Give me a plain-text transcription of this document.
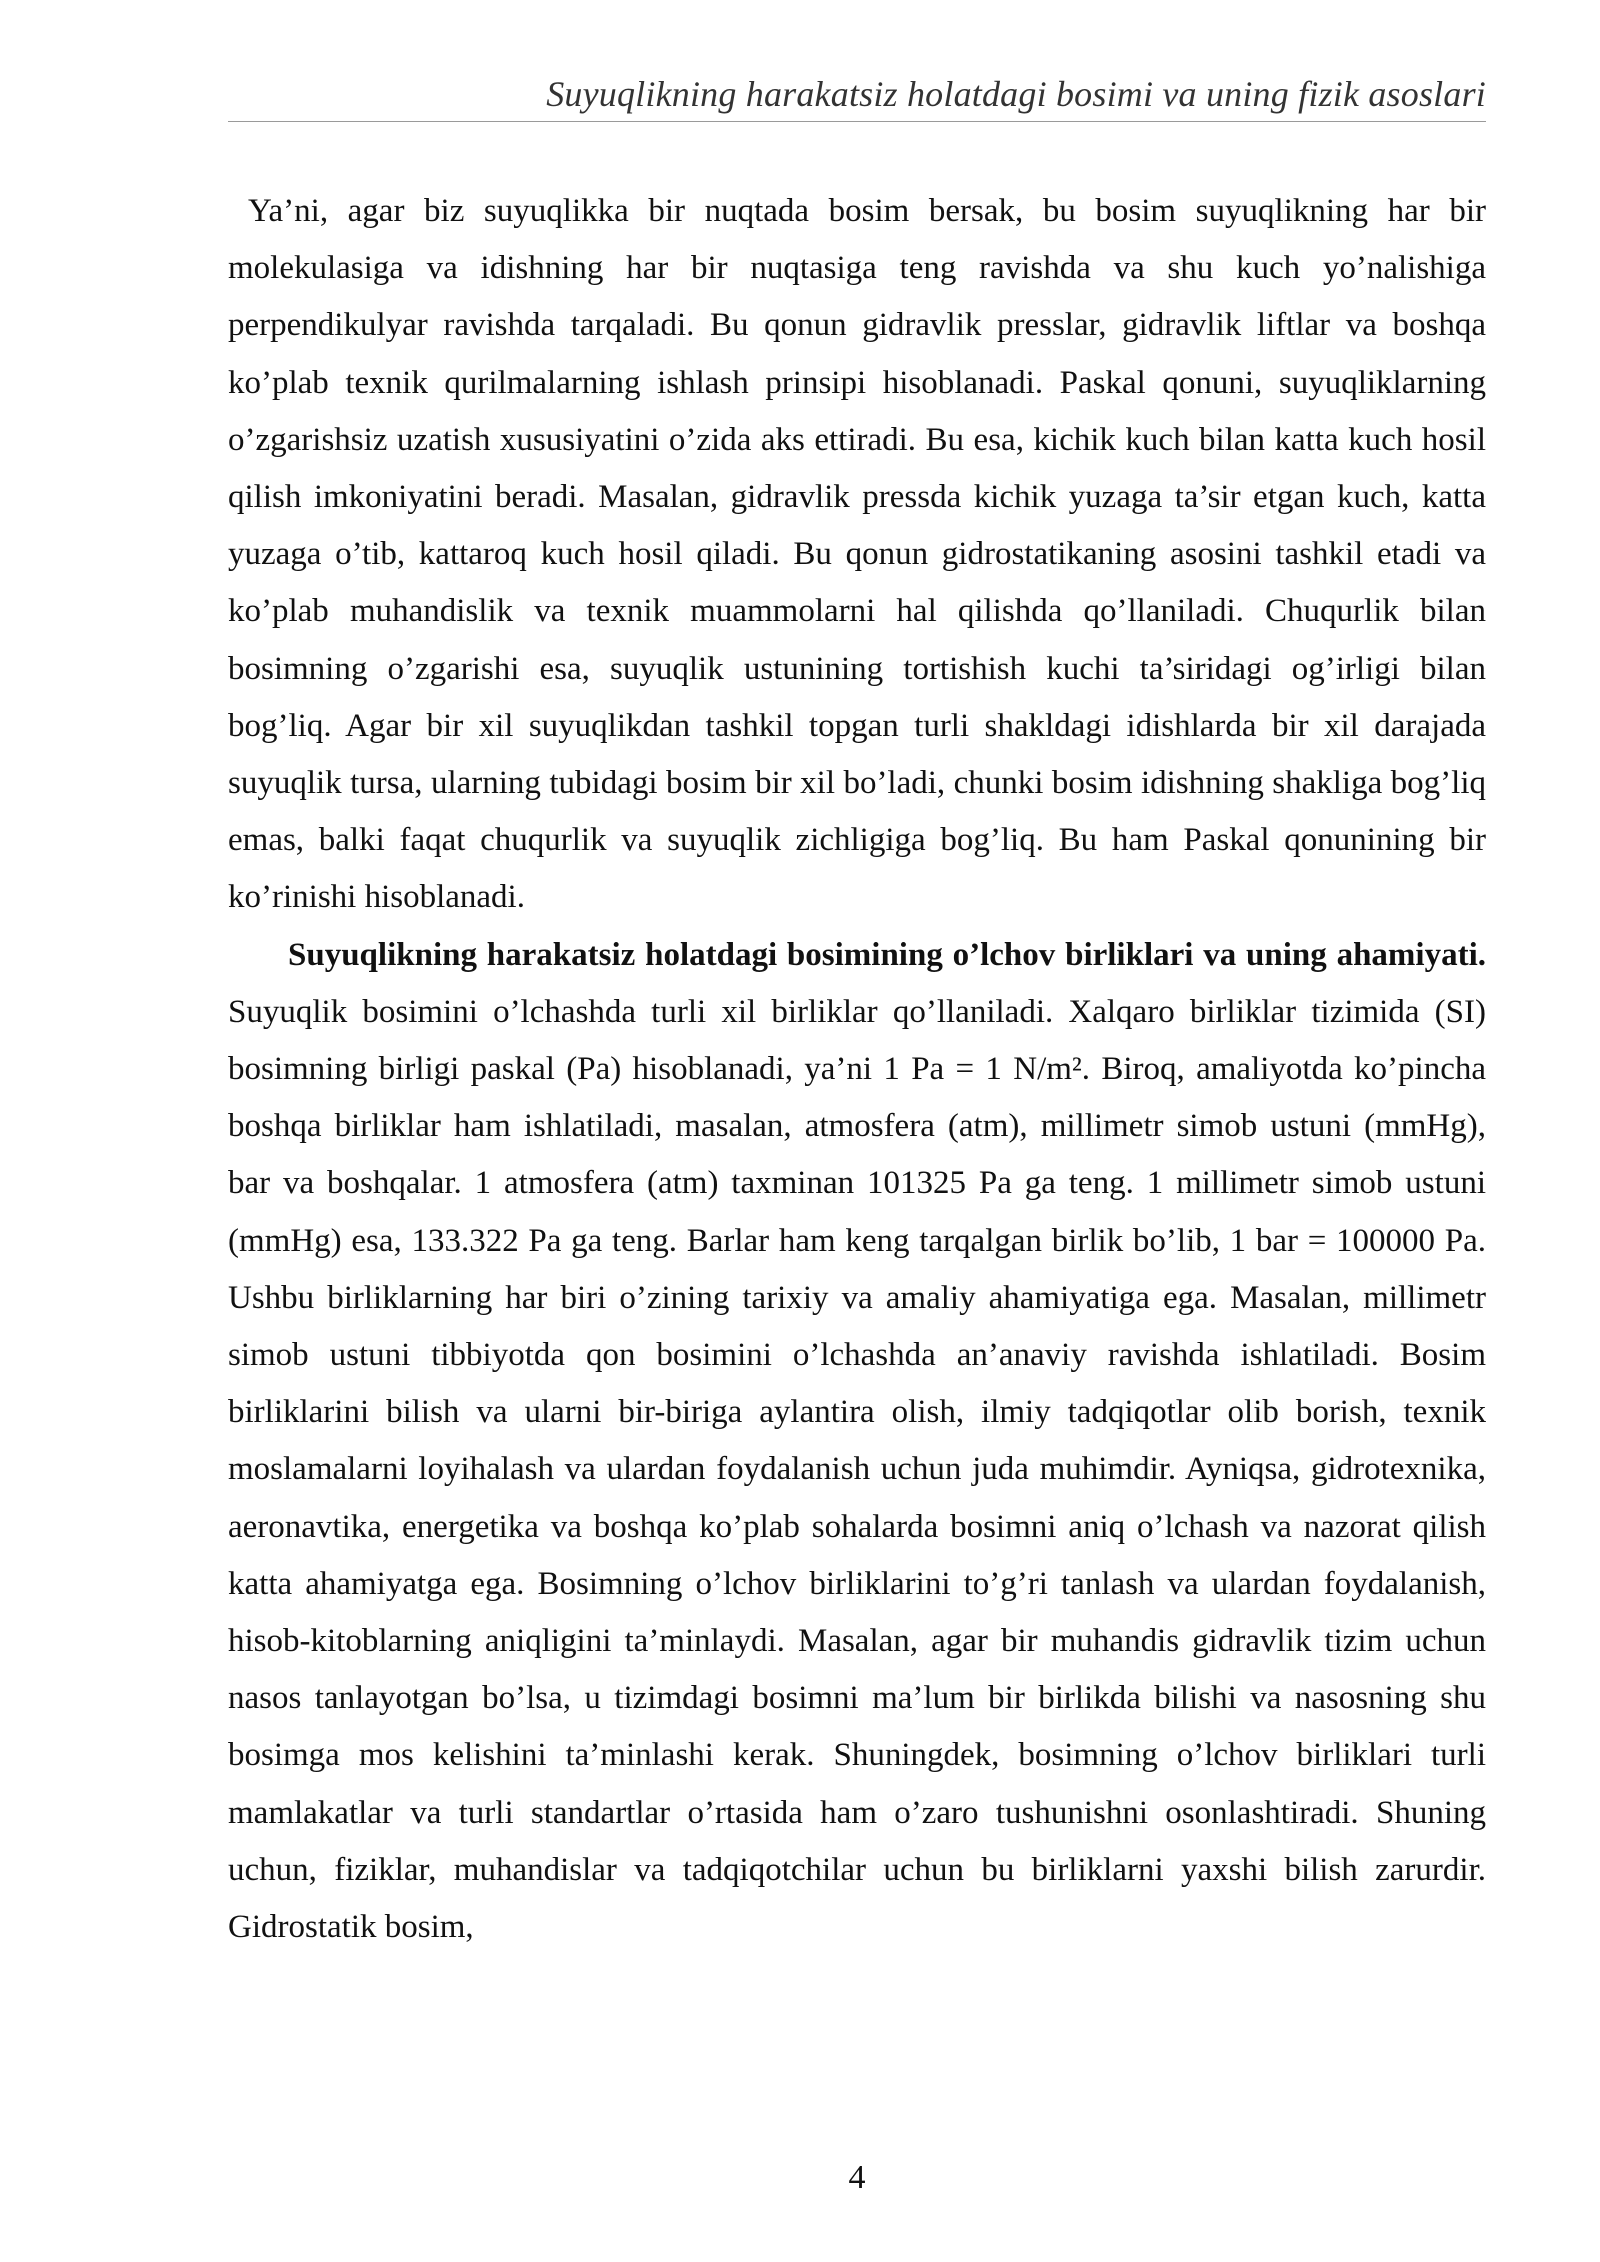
Suyuqlikning harakatsiz holatdagi bosimi va uning fizik asoslari

Ya’ni, agar biz suyuqlikka bir nuqtada bosim bersak, bu bosim suyuqlikning har bir molekulasiga va idishning har bir nuqtasiga teng ravishda va shu kuch yo’nalishiga perpendikulyar ravishda tarqaladi. Bu qonun gidravlik presslar, gidravlik liftlar va boshqa ko’plab texnik qurilmalarning ishlash prinsipi hisoblanadi. Paskal qonuni, suyuqliklarning o’zgarishsiz uzatish xususiyatini o’zida aks ettiradi. Bu esa, kichik kuch bilan katta kuch hosil qilish imkoniyatini beradi. Masalan, gidravlik pressda kichik yuzaga ta’sir etgan kuch, katta yuzaga o’tib, kattaroq kuch hosil qiladi. Bu qonun gidrostatikaning asosini tashkil etadi va ko’plab muhandislik va texnik muammolarni hal qilishda qo’llaniladi. Chuqurlik bilan bosimning o’zgarishi esa, suyuqlik ustunining tortishish kuchi ta’siridagi og’irligi bilan bog’liq. Agar bir xil suyuqlikdan tashkil topgan turli shakldagi idishlarda bir xil darajada suyuqlik tursa, ularning tubidagi bosim bir xil bo’ladi, chunki bosim idishning shakliga bog’liq emas, balki faqat chuqurlik va suyuqlik zichligiga bog’liq. Bu ham Paskal qonunining bir ko’rinishi hisoblanadi.

Suyuqlikning harakatsiz holatdagi bosimining o’lchov birliklari va uning ahamiyati. Suyuqlik bosimini o’lchashda turli xil birliklar qo’llaniladi. Xalqaro birliklar tizimida (SI) bosimning birligi paskal (Pa) hisoblanadi, ya’ni 1 Pa = 1 N/m². Biroq, amaliyotda ko’pincha boshqa birliklar ham ishlatiladi, masalan, atmosfera (atm), millimetr simob ustuni (mmHg), bar va boshqalar. 1 atmosfera (atm) taxminan 101325 Pa ga teng. 1 millimetr simob ustuni (mmHg) esa, 133.322 Pa ga teng. Barlar ham keng tarqalgan birlik bo’lib, 1 bar = 100000 Pa. Ushbu birliklarning har biri o’zining tarixiy va amaliy ahamiyatiga ega. Masalan, millimetr simob ustuni tibbiyotda qon bosimini o’lchashda an’anaviy ravishda ishlatiladi. Bosim birliklarini bilish va ularni bir-biriga aylantira olish, ilmiy tadqiqotlar olib borish, texnik moslamalarni loyihalash va ulardan foydalanish uchun juda muhimdir. Ayniqsa, gidrotexnika, aeronavtika, energetika va boshqa ko’plab sohalarda bosimni aniq o’lchash va nazorat qilish katta ahamiyatga ega. Bosimning o’lchov birliklarini to’g’ri tanlash va ulardan foydalanish, hisob-kitoblarning aniqligini ta’minlaydi. Masalan, agar bir muhandis gidravlik tizim uchun nasos tanlayotgan bo’lsa, u tizimdagi bosimni ma’lum bir birlikda bilishi va nasosning shu bosimga mos kelishini ta’minlashi kerak. Shuningdek, bosimning o’lchov birliklari turli mamlakatlar va turli standartlar o’rtasida ham o’zaro tushunishni osonlashtiradi. Shuning uchun, fiziklar, muhandislar va tadqiqotchilar uchun bu birliklarni yaxshi bilish zarurdir. Gidrostatik bosim,

4
